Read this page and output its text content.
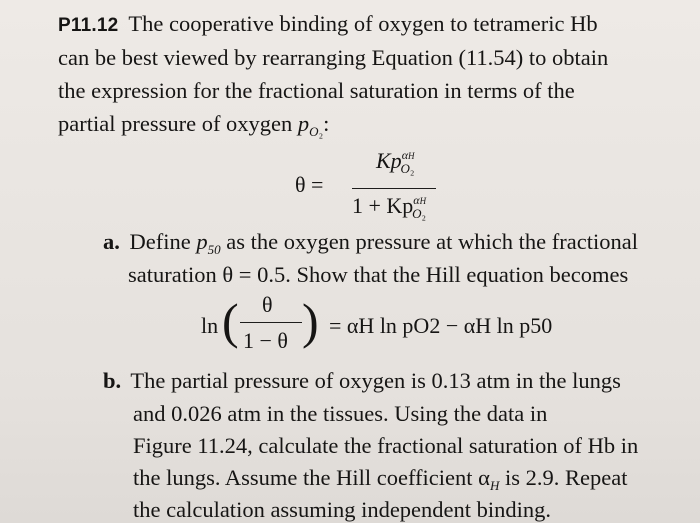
P11.12 The cooperative binding of oxygen to tetrameric Hb
can be best viewed by rearranging Equation (11.54) to obtain
the expression for the fractional saturation in terms of the
partial pressure of oxygen $p_{O_2}$:
θ =
$Kp^{\alpha H}_{O_2}$
$1 + Kp^{\alpha H}_{O_2}$
a. Define $p_{50}$ as the oxygen pressure at which the fractional
saturation θ = 0.5. Show that the Hill equation becomes
ln ( θ
1 − θ ) = αH ln pO2 − αH ln p50
b. The partial pressure of oxygen is 0.13 atm in the lungs
and 0.026 atm in the tissues. Using the data in
Figure 11.24, calculate the fractional saturation of Hb in
the lungs. Assume the Hill coefficient $\alpha_H$ is 2.9. Repeat
the calculation assuming independent binding.
